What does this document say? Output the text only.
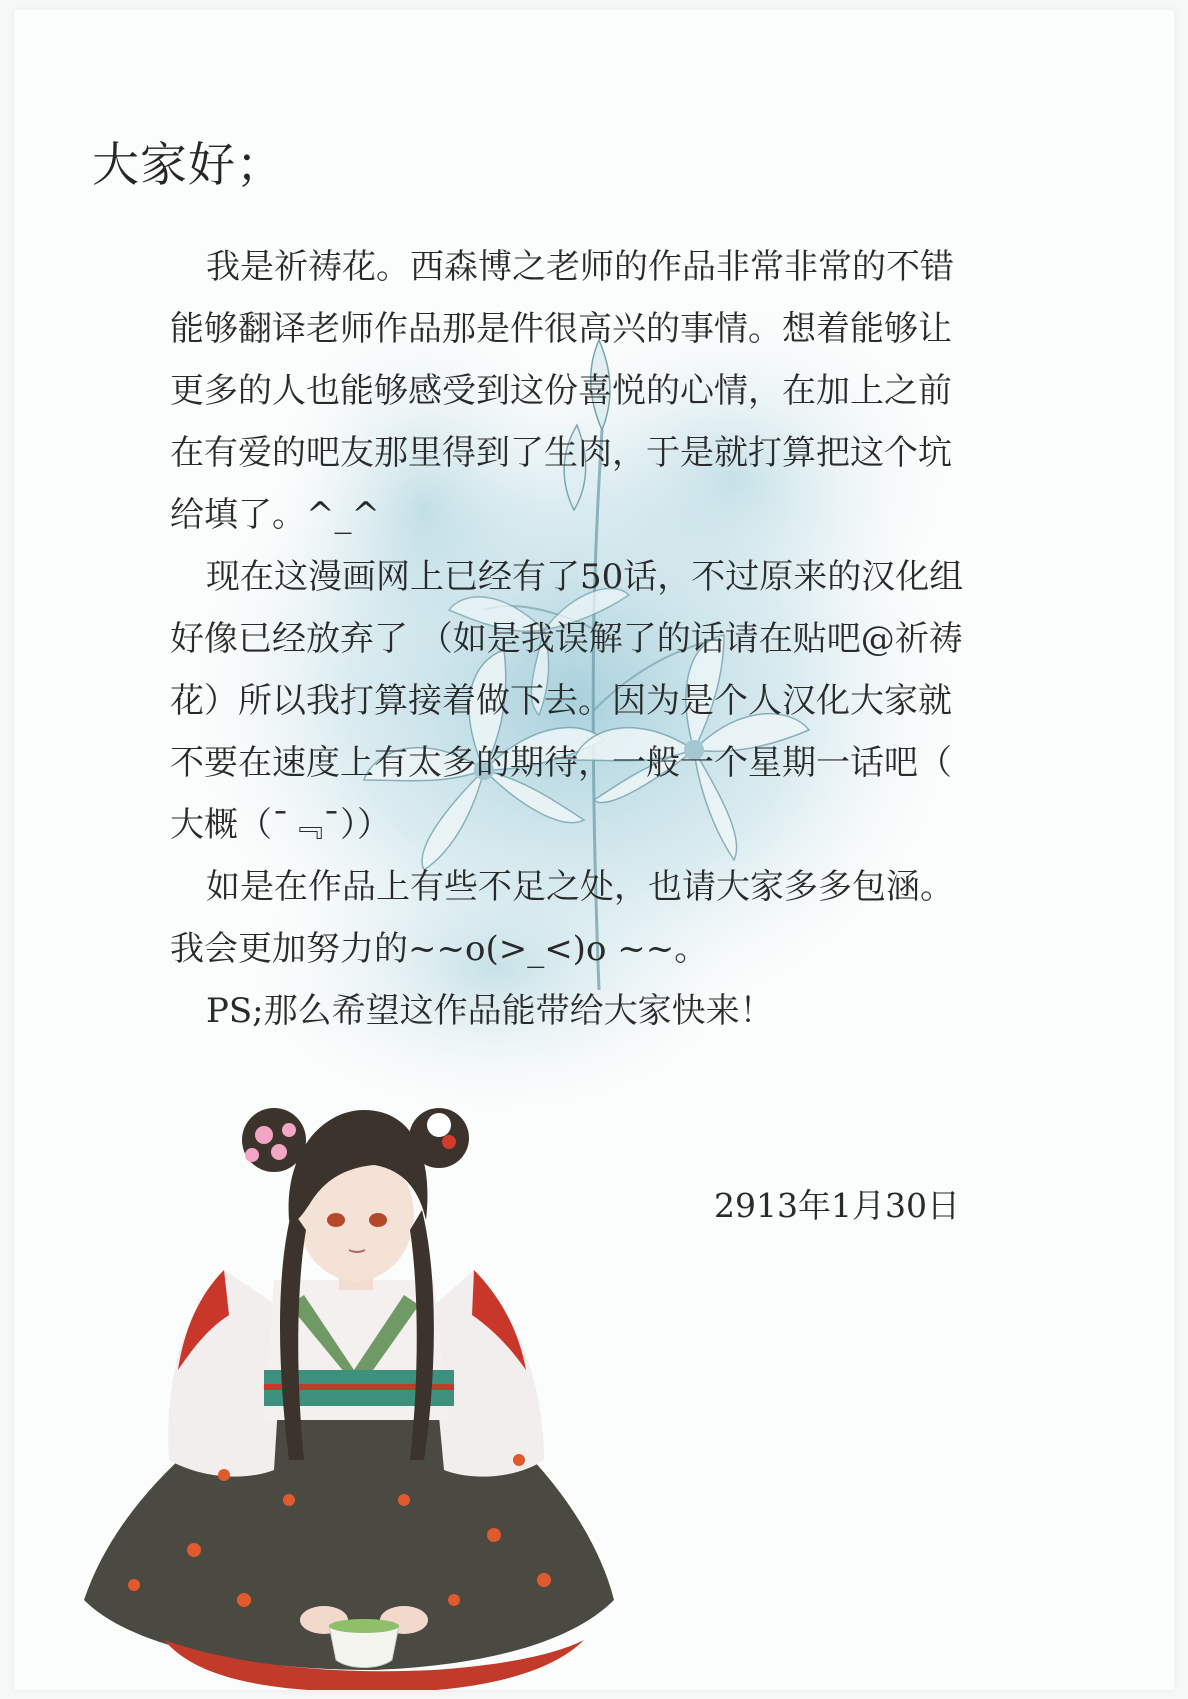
大家好；

我是祈祷花。西森博之老师的作品非常非常的不错
能够翻译老师作品那是件很高兴的事情。想着能够让
更多的人也能够感受到这份喜悦的心情，在加上之前
在有爱的吧友那里得到了生肉，于是就打算把这个坑
给填了。^_^

现在这漫画网上已经有了50话，不过原来的汉化组
好像已经放弃了 （如是我误解了的话请在贴吧@祈祷
花）所以我打算接着做下去。因为是个人汉化大家就
不要在速度上有太多的期待，一般一个星期一话吧（
大概（¯﹃¯））

如是在作品上有些不足之处，也请大家多多包涵。
我会更加努力的~~o(>_<)o ~~。

PS;那么希望这作品能带给大家快来！

2913年1月30日
